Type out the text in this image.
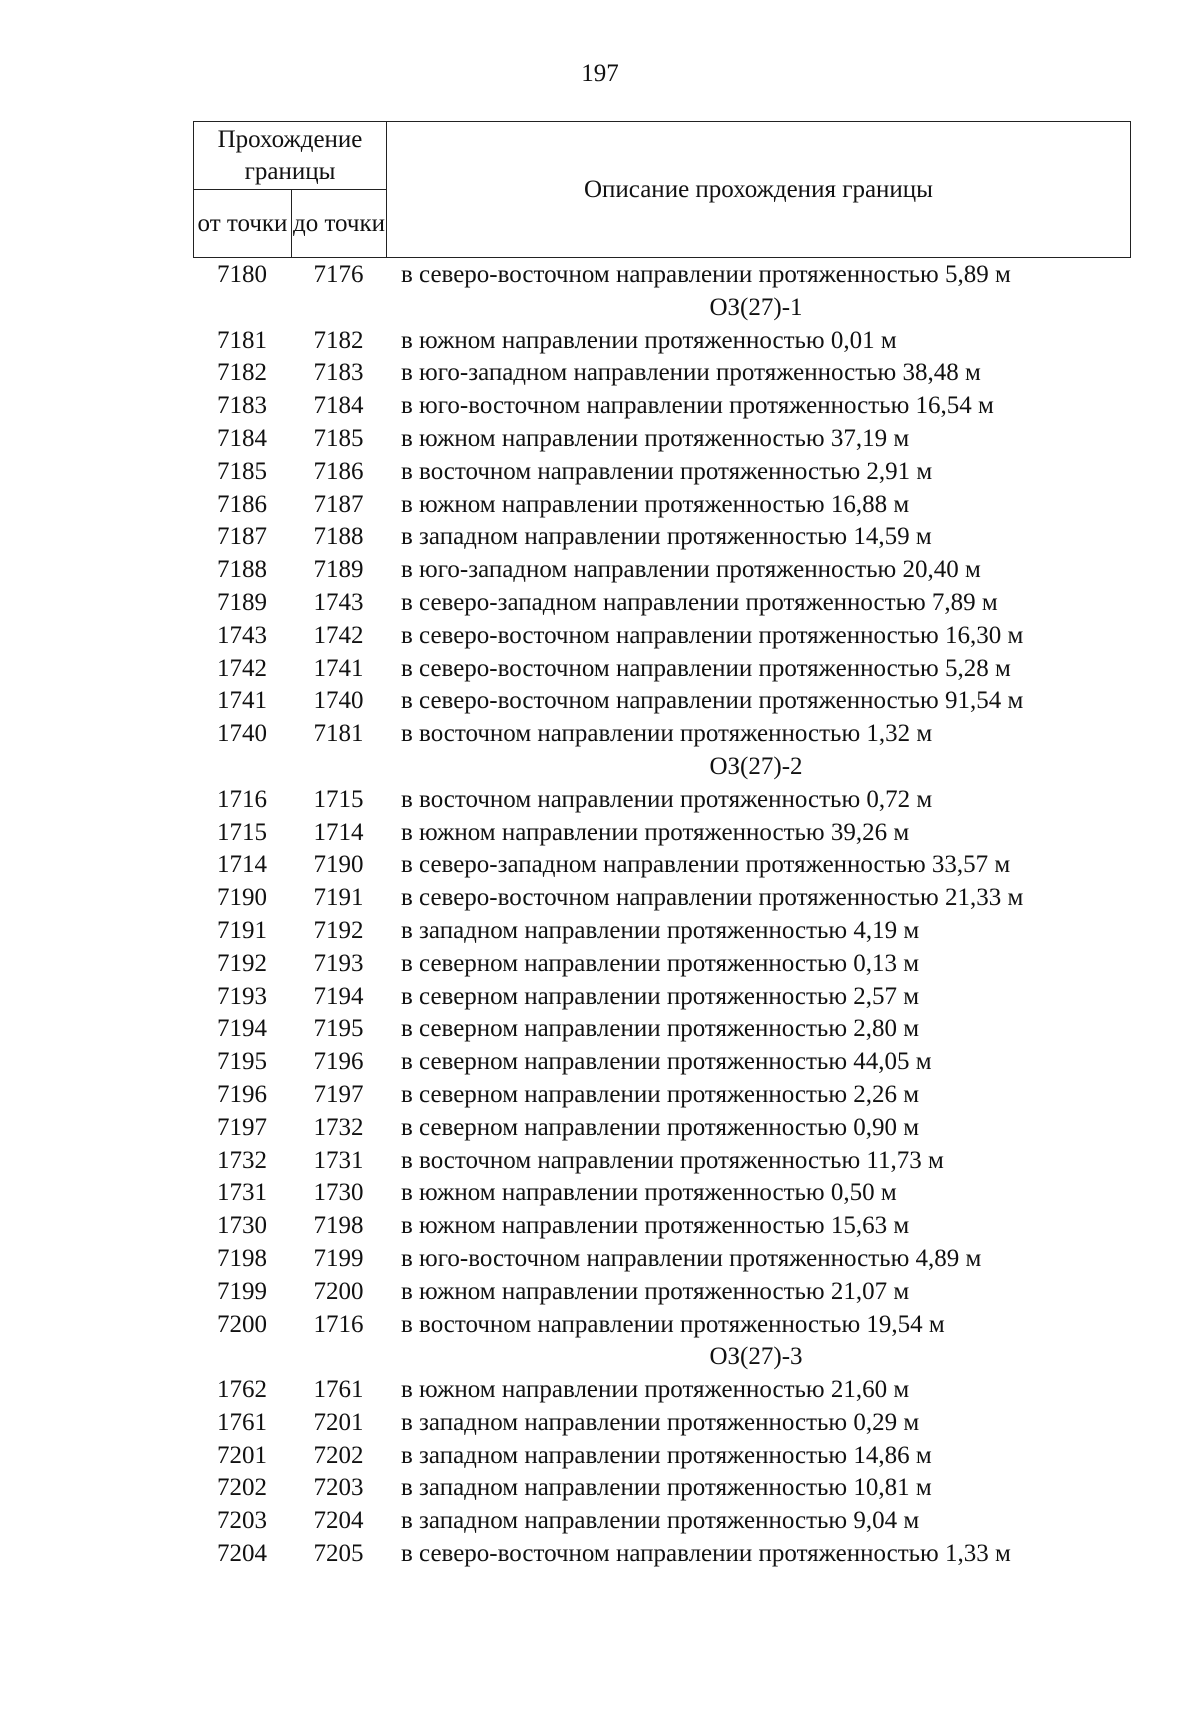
197
Прохождение границы		Описание прохождения границы
от точки	до точки	
7180	7176	в северо-восточном направлении протяженностью 5,89 м
ОЗ(27)-1
7181	7182	в южном направлении протяженностью 0,01 м
7182	7183	в юго-западном направлении протяженностью 38,48 м
7183	7184	в юго-восточном направлении протяженностью 16,54 м
7184	7185	в южном направлении протяженностью 37,19 м
7185	7186	в восточном направлении протяженностью 2,91 м
7186	7187	в южном направлении протяженностью 16,88 м
7187	7188	в западном направлении протяженностью 14,59 м
7188	7189	в юго-западном направлении протяженностью 20,40 м
7189	1743	в северо-западном направлении протяженностью 7,89 м
1743	1742	в северо-восточном направлении протяженностью 16,30 м
1742	1741	в северо-восточном направлении протяженностью 5,28 м
1741	1740	в северо-восточном направлении протяженностью 91,54 м
1740	7181	в восточном направлении протяженностью 1,32 м
ОЗ(27)-2
1716	1715	в восточном направлении протяженностью 0,72 м
1715	1714	в южном направлении протяженностью 39,26 м
1714	7190	в северо-западном направлении протяженностью 33,57 м
7190	7191	в северо-восточном направлении протяженностью 21,33 м
7191	7192	в западном направлении протяженностью 4,19 м
7192	7193	в северном направлении протяженностью 0,13 м
7193	7194	в северном направлении протяженностью 2,57 м
7194	7195	в северном направлении протяженностью 2,80 м
7195	7196	в северном направлении протяженностью 44,05 м
7196	7197	в северном направлении протяженностью 2,26 м
7197	1732	в северном направлении протяженностью 0,90 м
1732	1731	в восточном направлении протяженностью 11,73 м
1731	1730	в южном направлении протяженностью 0,50 м
1730	7198	в южном направлении протяженностью 15,63 м
7198	7199	в юго-восточном направлении протяженностью 4,89 м
7199	7200	в южном направлении протяженностью 21,07 м
7200	1716	в восточном направлении протяженностью 19,54 м
ОЗ(27)-3
1762	1761	в южном направлении протяженностью 21,60 м
1761	7201	в западном направлении протяженностью 0,29 м
7201	7202	в западном направлении протяженностью 14,86 м
7202	7203	в западном направлении протяженностью 10,81 м
7203	7204	в западном направлении протяженностью 9,04 м
7204	7205	в северо-восточном направлении протяженностью 1,33 м
